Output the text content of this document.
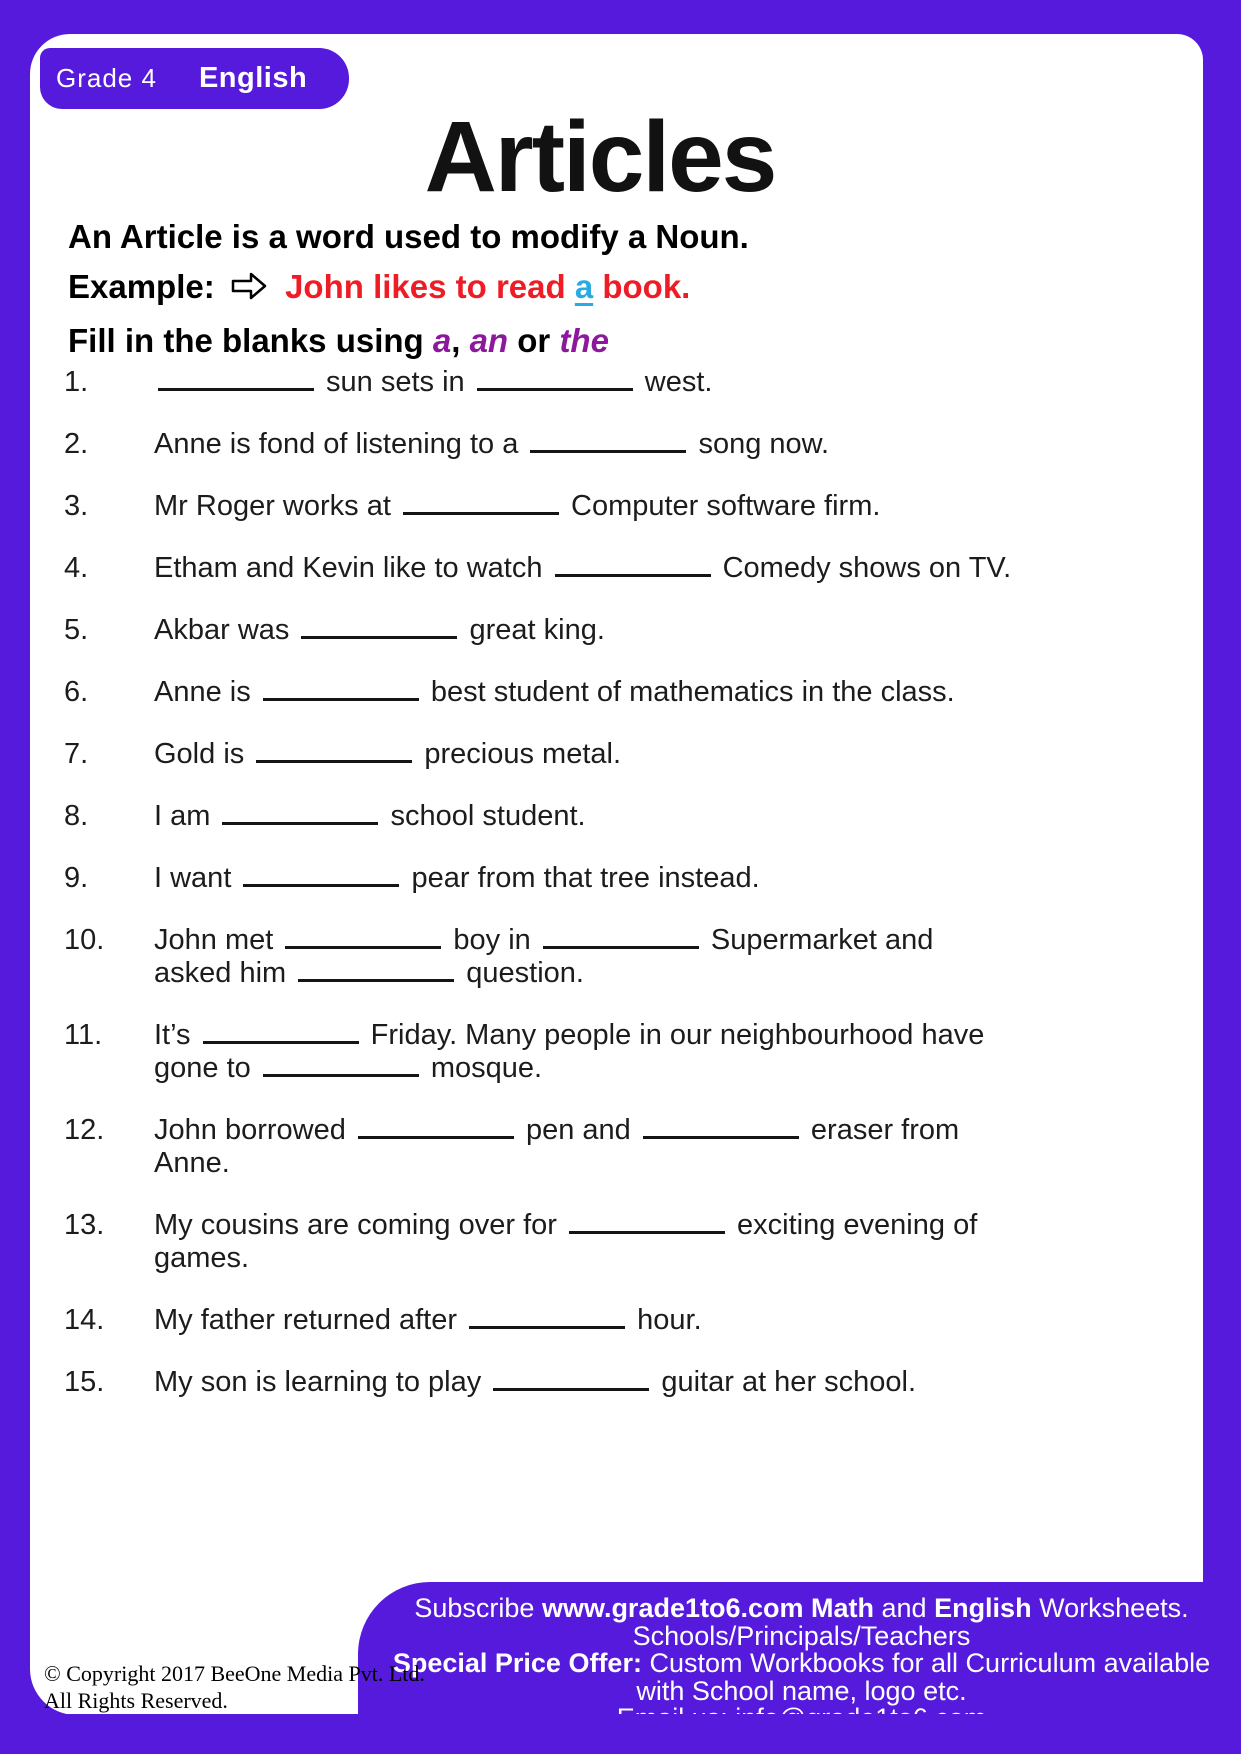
Grade 4 English
Articles
An Article is a word used to modify a Noun.
Example: John likes to read a book.
Fill in the blanks using a, an or the
1.	sun sets in	west.
2.	Anne is fond of listening to a	song now.
3.	Mr Roger works at	Computer software firm.
4.	Etham and Kevin like to watch	Comedy shows on TV.
5.	Akbar was	great king.
6.	Anne is	best student of mathematics in the class.
7.	Gold is	precious metal.
8.	I am	school student.
9.	I want	pear from that tree instead.
10.	John met	boy in	Supermarket and
asked him	question.
11.	It’s	Friday. Many people in our neighbourhood have
gone to	mosque.
12.	John borrowed	pen and	eraser from
Anne.
13.	My cousins are coming over for	exciting evening of
games.
14.	My father returned after	hour.
15.	My son is learning to play	guitar at her school.
Subscribe www.grade1to6.com Math and English Worksheets.
Schools/Principals/Teachers
Special Price Offer: Custom Workbooks for all Curriculum available
with School name, logo etc.
© Copyright 2017 BeeOne Media Pvt. Ltd.
All Rights Reserved.
